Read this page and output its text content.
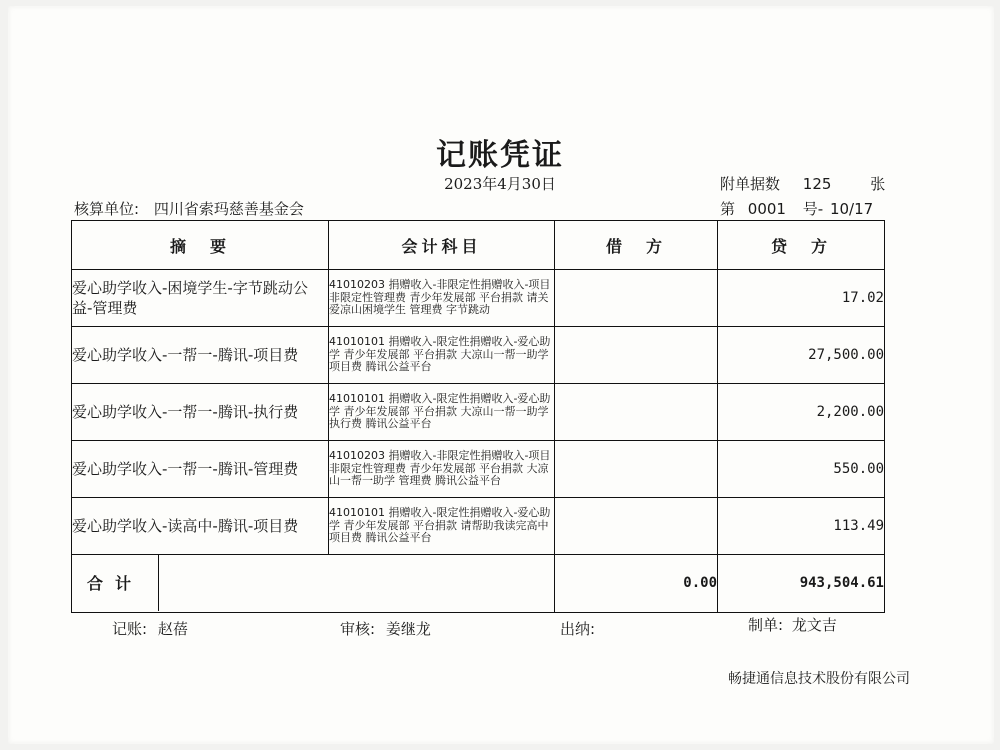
记账凭证
2023年4月30日	附单据数 125	张
核算单位: 四川省索玛慈善基金会	第 0001 号- 10/17
摘　要	会计科目	借　方	贷　方
爱心助学收入-困境学生-字节跳动公益-管理费	41010203 捐赠收入-非限定性捐赠收入-项目非限定性管理费 青少年发展部 平台捐款 请关爱凉山困境学生 管理费 字节跳动		17.02
爱心助学收入-一帮一-腾讯-项目费	41010101 捐赠收入-限定性捐赠收入-爱心助学 青少年发展部 平台捐款 大凉山一帮一助学 项目费 腾讯公益平台		27,500.00
爱心助学收入-一帮一-腾讯-执行费	41010101 捐赠收入-限定性捐赠收入-爱心助学 青少年发展部 平台捐款 大凉山一帮一助学 执行费 腾讯公益平台		2,200.00
爱心助学收入-一帮一-腾讯-管理费	41010203 捐赠收入-非限定性捐赠收入-项目非限定性管理费 青少年发展部 平台捐款 大凉山一帮一助学 管理费 腾讯公益平台		550.00
爱心助学收入-读高中-腾讯-项目费	41010101 捐赠收入-限定性捐赠收入-爱心助学 青少年发展部 平台捐款 请帮助我读完高中 项目费 腾讯公益平台		113.49

合计		0.00	943,504.61
记账: 赵蓓	审核: 姜继龙	出纳:	制单: 龙文吉
畅捷通信息技术股份有限公司
